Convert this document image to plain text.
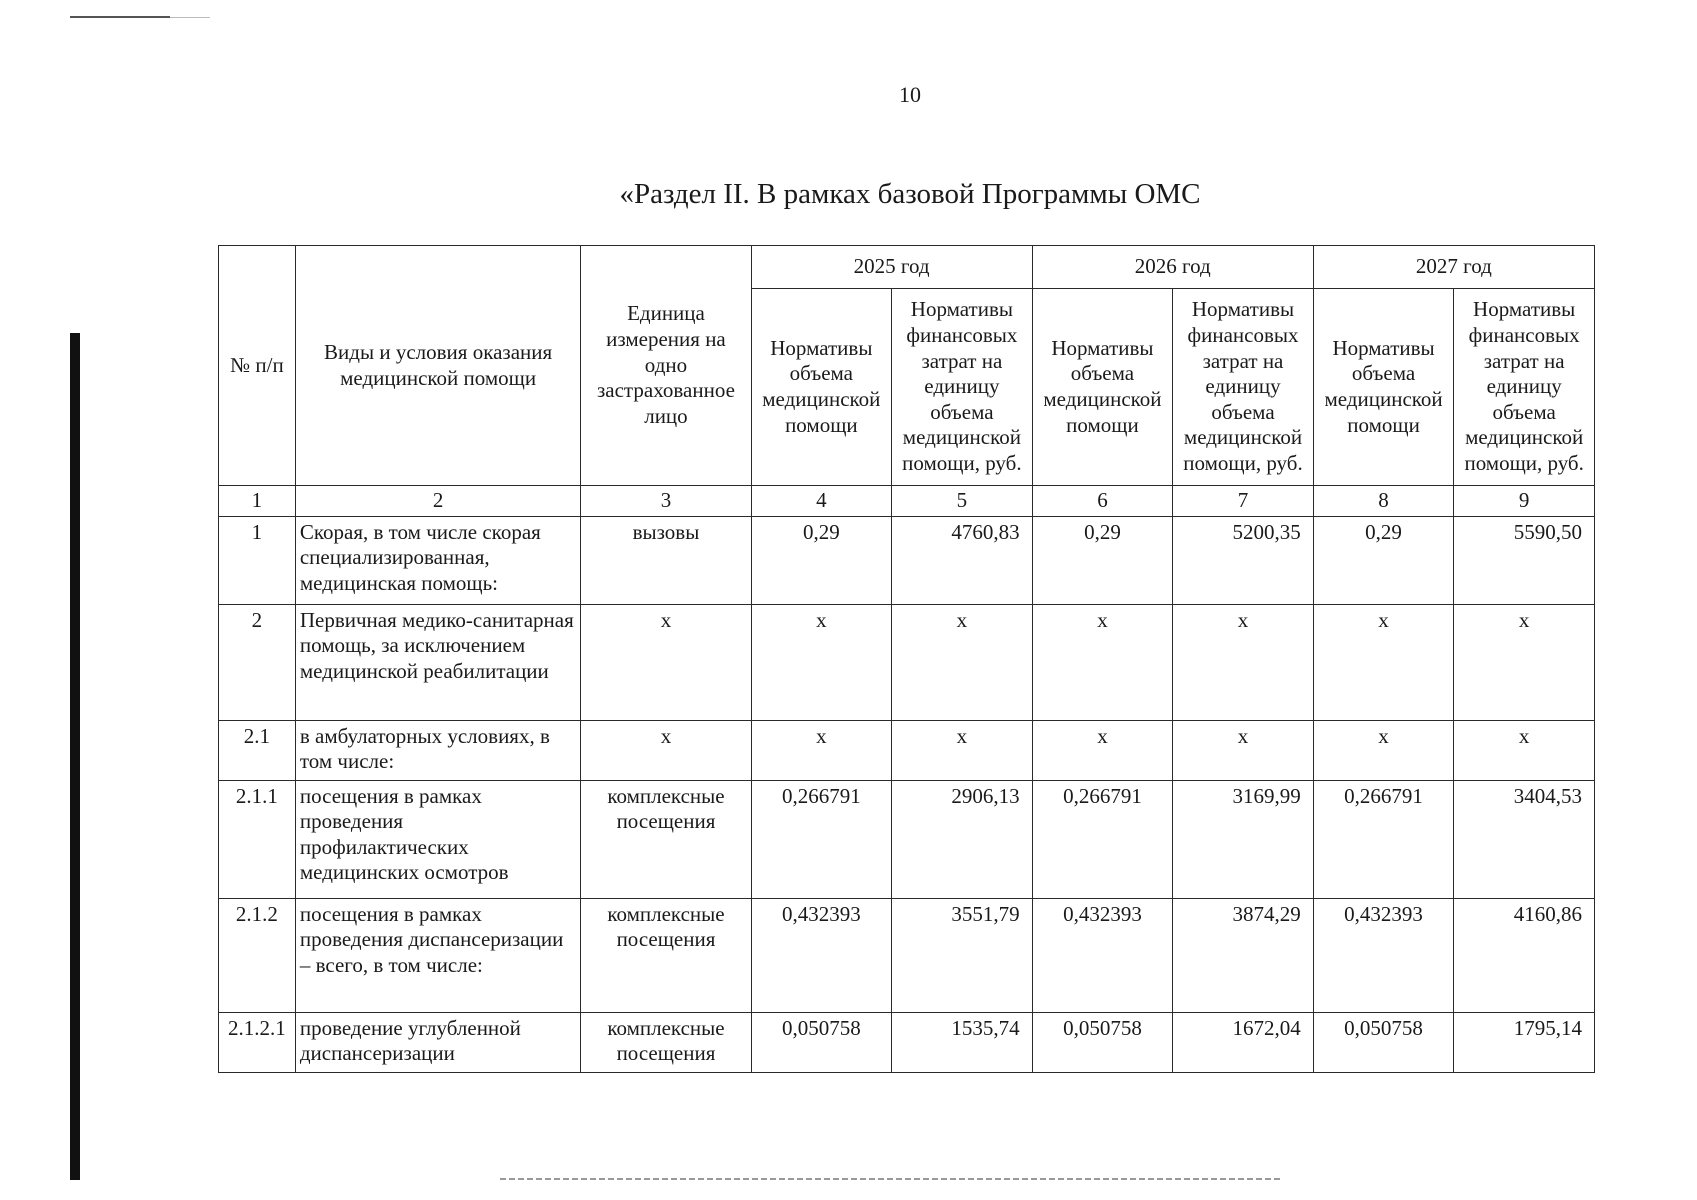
10
«Раздел II. В рамках базовой Программы ОМС
№ п/п	Виды и условия оказания медицинской помощи	Единица измерения на одно застрахованное лицо	2025 год		2026 год		2027 год	
			Нормативы объема медицинской помощи	Нормативы финансовых затрат на единицу объема медицинской помощи, руб.	Нормативы объема медицинской помощи	Нормативы финансовых затрат на единицу объема медицинской помощи, руб.	Нормативы объема медицинской помощи	Нормативы финансовых затрат на единицу объема медицинской помощи, руб.
1	2	3	4	5	6	7	8	9
1	Скорая, в том числе скорая специализированная, медицинская помощь:	вызовы	0,29	4760,83	0,29	5200,35	0,29	5590,50
2	Первичная медико-санитарная помощь, за исключением медицинской реабилитации	x	x	x	x	x	x	x
2.1	в амбулаторных условиях, в том числе:	x	x	x	x	x	x	x
2.1.1	посещения в рамках проведения профилактических медицинских осмотров	комплексные посещения	0,266791	2906,13	0,266791	3169,99	0,266791	3404,53
2.1.2	посещения в рамках проведения диспансеризации – всего, в том числе:	комплексные посещения	0,432393	3551,79	0,432393	3874,29	0,432393	4160,86
2.1.2.1	проведение углубленной диспансеризации	комплексные посещения	0,050758	1535,74	0,050758	1672,04	0,050758	1795,14
